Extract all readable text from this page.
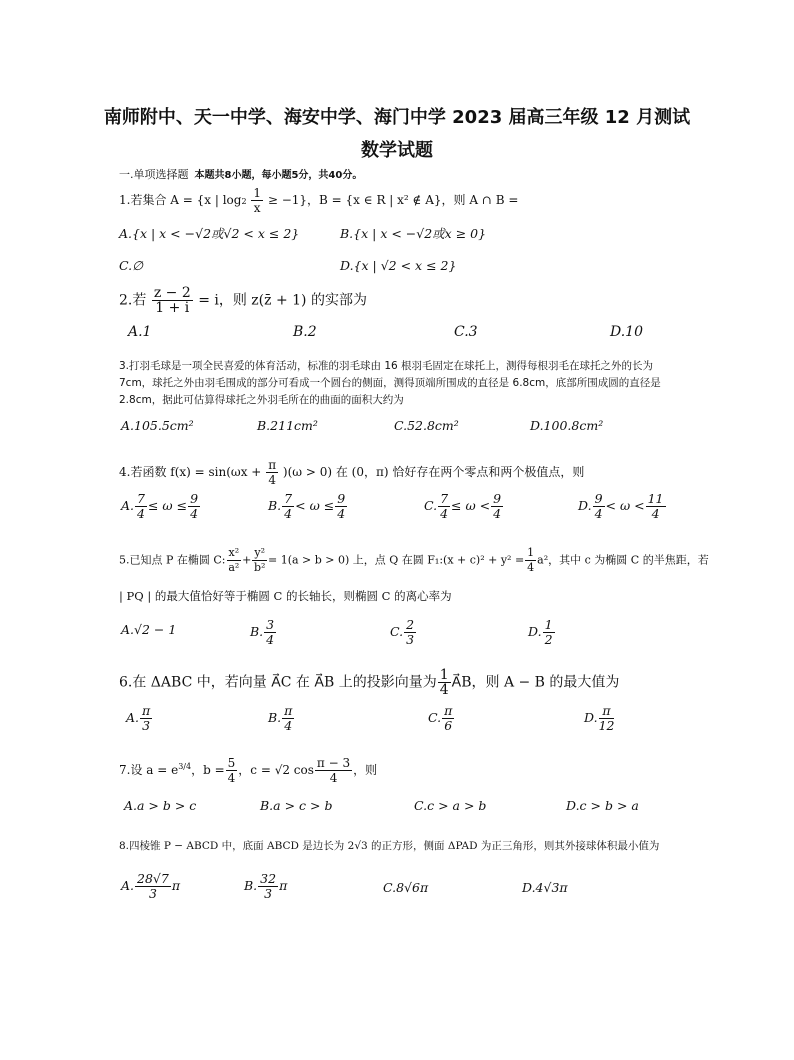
南师附中、天一中学、海安中学、海门中学 2023 届高三年级 12 月测试
数学试题
一.单项选择题 本题共8小题，每小题5分，共40分。
1.若集合 A = {x | $\log 2 \frac{1}{x} \ge -1$}，B = {x ∈ R | x² ∉ A}，则 A ∩ B =
A.{x | x < −√2或√2 < x ≤ 2}	B.{x | x < −√2或x ≥ 0}
C.∅	D.{x | √2 < x ≤ 2}
2.若 $\frac{z - 2}{1 + i} = i$，则 z(z̄ + 1) 的实部为
A.1	B.2	C.3	D.10
3.打羽毛球是一项全民喜爱的体育活动，标准的羽毛球由 16 根羽毛固定在球托上，测得每根羽毛在球托之外的长为 7cm，球托之外由羽毛围成的部分可看成一个圆台的侧面，测得顶端所围成的直径是 6.8cm，底部所围成圆的直径是 2.8cm，据此可估算得球托之外羽毛所在的曲面的面积大约为
A.105.5cm²	B.211cm²	C.52.8cm²	D.100.8cm²
4.若函数 $f(x) = \sin(\omega x + \frac{\pi}{4} )(\omega > 0)$ 在 (0，π) 恰好存在两个零点和两个极值点，则
A. $\frac{7}{4} \le \omega \le \frac{9}{4}$	B. $\frac{7}{4} < \omega \le \frac{9}{4}$	C. $\frac{7}{4} \le \omega < \frac{9}{4}$	D. $\frac{9}{4} < \omega < \frac{11}{4}$
5.已知点 P 在椭圆 C: $\frac{\text{x²}}{\text{a²}} + \frac{\text{y²}}{\text{b²}} = 1(a > b > 0)$ 上，点 Q 在圆 F₁:(x + $c)^2 + y^2 = \frac{1}{4} a^2$，其中 c 为椭圆 C 的半焦距，若
| PQ | 的最大值恰好等于椭圆 C 的长轴长，则椭圆 C 的离心率为
A.√2 − 1	B. $\frac{3}{4}$	C. $\frac{2}{3}$	D. $\frac{1}{2}$
6.在 ΔABC 中，若向量 A⃗C 在 A⃗B 上的投影向量为 $\frac{1}{4}$ A⃗B，则 A − B 的最大值为
A. $\frac{\pi}{3}$	B. $\frac{\pi}{4}$	C. $\frac{\pi}{6}$	D. $\frac{\pi}{12}$
7.设 $a = e^{3/4}$，$b = \frac{5}{4}$ ，c = √2 $\cos \frac{\pi - 3}{4}$ ，则
A.a > b > c	B.a > c > b	C.c > a > b	D.c > b > a
8.四棱锥 P − ABCD 中，底面 ABCD 是边长为 2√3 的正方形，侧面 ΔPAD 为正三角形，则其外接球体积最小值为
A. $\frac{28√7}{3}$ π	B. $\frac{32}{3}$ π	C.8√6π	D.4√3π
